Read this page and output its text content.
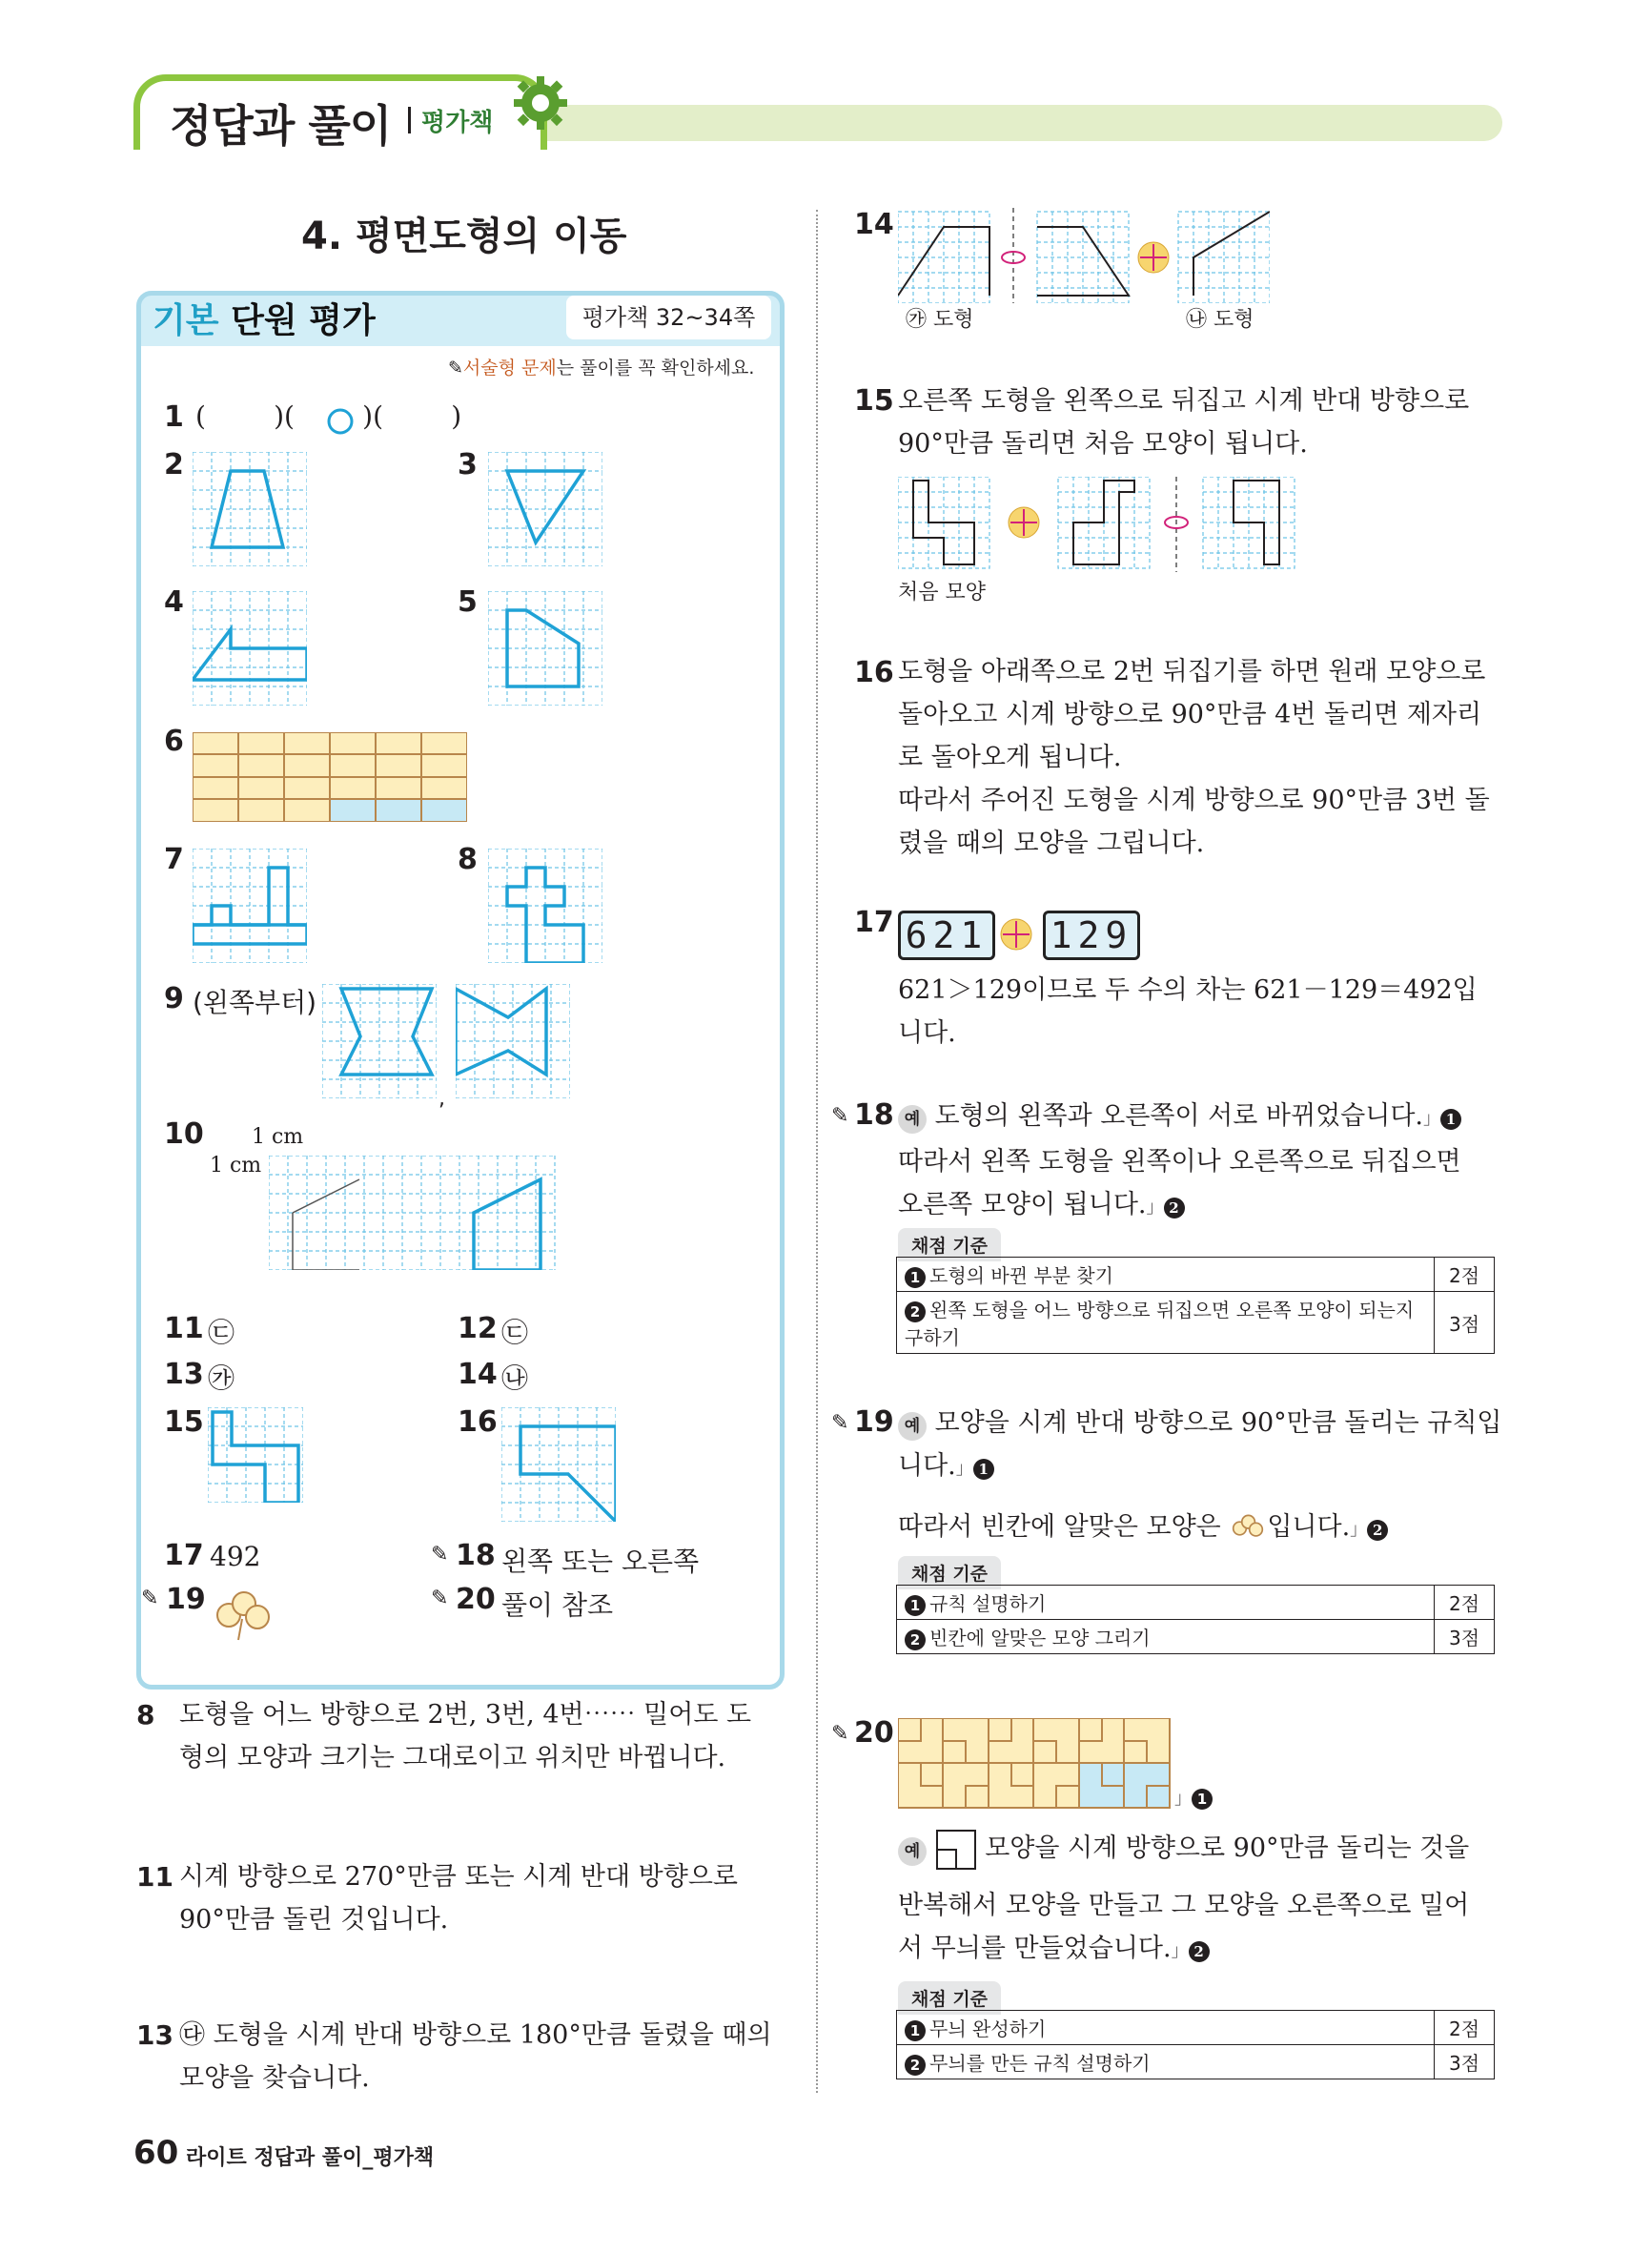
정답과 풀이 평가책
4. 평면도형의 이동
기본 단원 평가	평가책 32~34쪽
✎서술형 문제는 풀이를 꼭 확인하세요.
1 (        )(        )(        )
2	3
4	5
6
7	8
9 (왼쪽부터)
,
10 1 cm
1 cm
11 ㉢	12 ㉢
13 ㉮	14 ㉯
15	16
17 492	✎ 18 왼쪽 또는 오른쪽
✎ 19	✎ 20 풀이 참조
8 도형을 어느 방향으로 2번, 3번, 4번⋯⋯ 밀어도 도
형의 모양과 크기는 그대로이고 위치만 바뀝니다.
11 시계 방향으로 270°만큼 또는 시계 반대 방향으로
90°만큼 돌린 것입니다.
13 ㉰ 도형을 시계 반대 방향으로 180°만큼 돌렸을 때의
모양을 찾습니다.
14
㉮ 도형	㉯ 도형
15 오른쪽 도형을 왼쪽으로 뒤집고 시계 반대 방향으로
90°만큼 돌리면 처음 모양이 됩니다.
처음 모양
16 도형을 아래쪽으로 2번 뒤집기를 하면 원래 모양으로
돌아오고 시계 방향으로 90°만큼 4번 돌리면 제자리
로 돌아오게 됩니다.
따라서 주어진 도형을 시계 방향으로 90°만큼 3번 돌
렸을 때의 모양을 그립니다.
17 621 129
621＞129이므로 두 수의 차는 621－129＝492입
니다.
✎ 18 예 도형의 왼쪽과 오른쪽이 서로 바뀌었습니다.」 1
따라서 왼쪽 도형을 왼쪽이나 오른쪽으로 뒤집으면
오른쪽 모양이 됩니다.」 2
채점 기준
1 도형의 바뀐 부분 찾기	2점
2 왼쪽 도형을 어느 방향으로 뒤집으면 오른쪽 모양이 되는지 구하기	3점
✎ 19 예 모양을 시계 반대 방향으로 90°만큼 돌리는 규칙입
니다.」 1
따라서 빈칸에 알맞은 모양은 입니다.」 2
채점 기준
1 규칙 설명하기	2점
2 빈칸에 알맞은 모양 그리기	3점
✎ 20
」 1
예	모양을 시계 방향으로 90°만큼 돌리는 것을
반복해서 모양을 만들고 그 모양을 오른쪽으로 밀어
서 무늬를 만들었습니다.」 2
채점 기준
1 무늬 완성하기	2점
2 무늬를 만든 규칙 설명하기	3점
60 라이트 정답과 풀이_평가책
